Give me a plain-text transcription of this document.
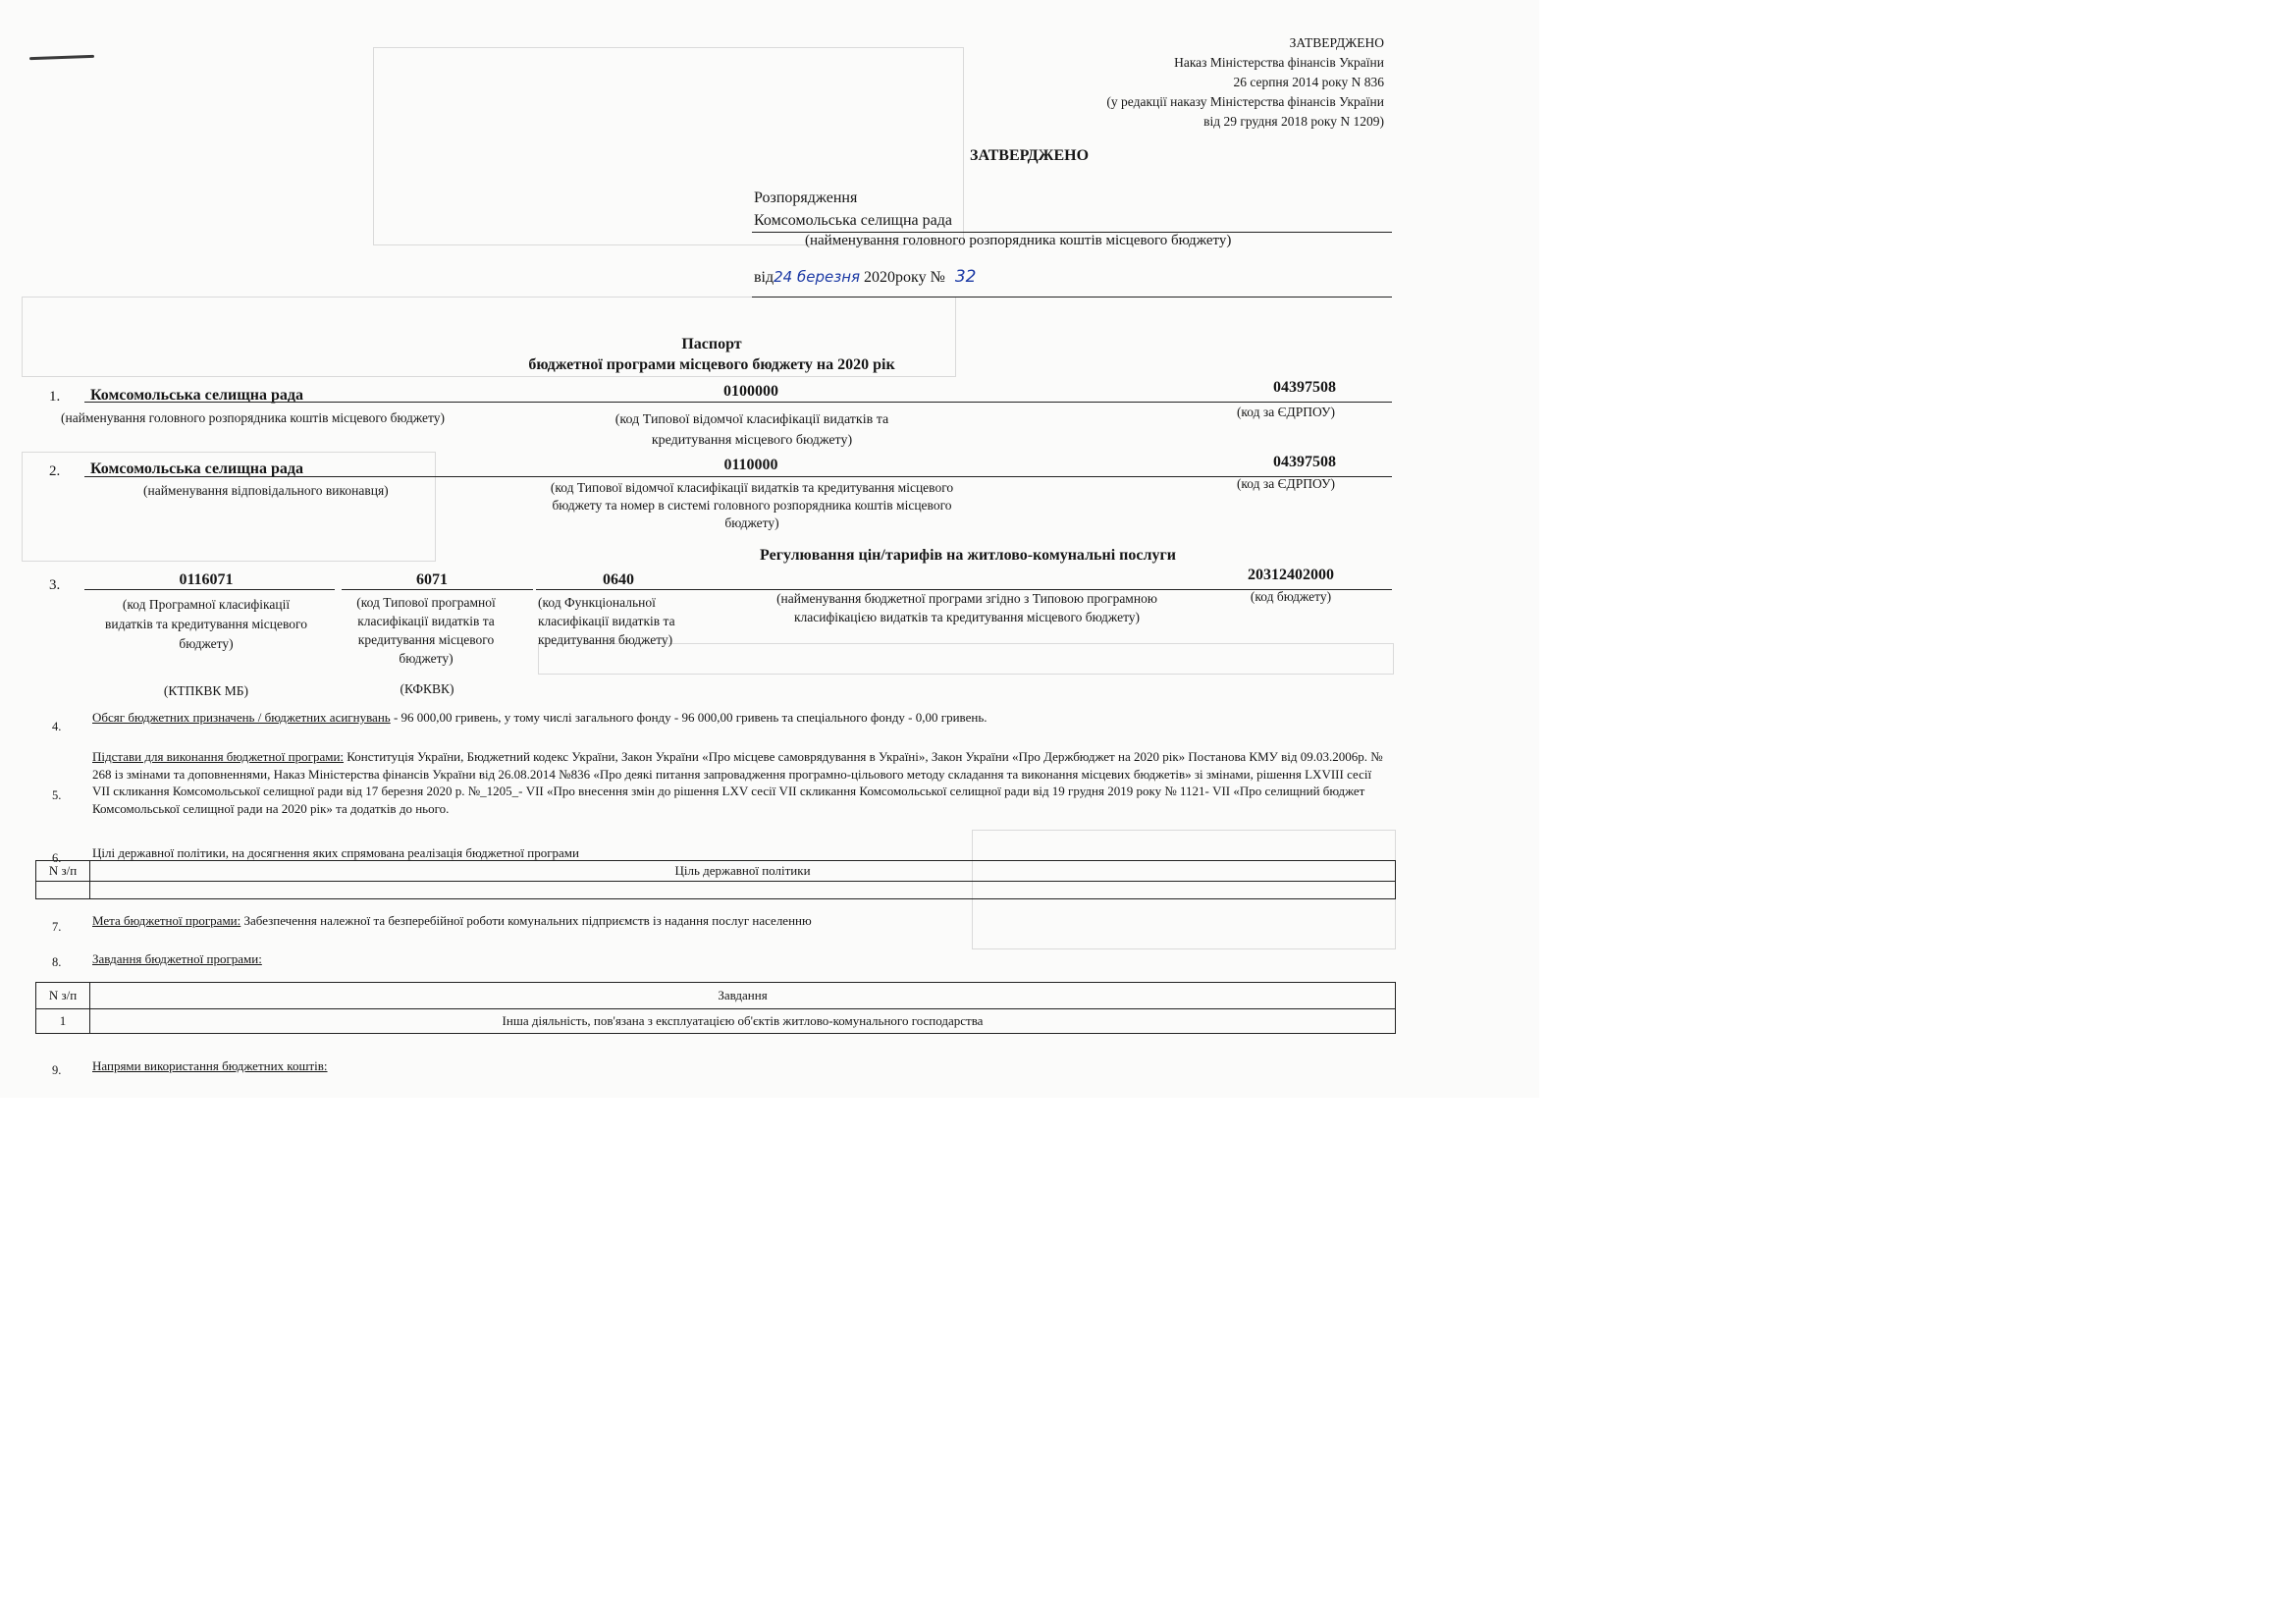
ЗАТВЕРДЖЕНО
Наказ Міністерства фінансів України
26 серпня 2014 року N 836
(у редакції наказу Міністерства фінансів України
від 29 грудня 2018 року N 1209)
ЗАТВЕРДЖЕНО
Розпорядження
Комсомольська селищна рада
(найменування головного розпорядника коштів місцевого бюджету)
від24 березня 2020року № 32
Паспорт
бюджетної програми місцевого бюджету на 2020 рік
1. Комсомольська селищна рада	0100000	04397508
(найменування головного розпорядника коштів місцевого бюджету)	(код Типової відомчої класифікації видатків та кредитування місцевого бюджету)
(код за ЄДРПОУ)
2. Комсомольська селищна рада	0110000	04397508
(найменування відповідального виконавця)	(код Типової відомчої класифікації видатків та кредитування місцевого бюджету та номер в системі головного розпорядника коштів місцевого бюджету)
(код за ЄДРПОУ)
Регулювання цін/тарифів на житлово-комунальні послуги
3.	0116071	6071	0640	20312402000
(код Програмної класифікації видатків та кредитування місцевого бюджету)
(код Типової програмної класифікації видатків та кредитування місцевого бюджету)
(код Функціональної класифікації видатків та кредитування бюджету)
(найменування бюджетної програми згідно з Типовою програмною класифікацією видатків та кредитування місцевого бюджету)
(код бюджету)
(КТПКВК МБ)	(КФКВК)
4.
Обсяг бюджетних призначень / бюджетних асигнувань - 96 000,00 гривень, у тому числі загального фонду - 96 000,00 гривень та спеціального фонду - 0,00 гривень.
5.
Підстави для виконання бюджетної програми: Конституція України, Бюджетний кодекс України, Закон України «Про місцеве самоврядування в Україні», Закон України «Про Держбюджет на 2020 рік» Постанова КМУ від 09.03.2006р. № 268 із змінами та доповненнями, Наказ Міністерства фінансів України від 26.08.2014 №836 «Про деякі питання запровадження програмно-цільового методу складання та виконання місцевих бюджетів» зі змінами, рішення LXVIII сесії VII скликання Комсомольської селищної ради від 17 березня 2020 р. №_1205_- VII «Про внесення змін до рішення LXV сесії VII скликання Комсомольської селищної ради від 19 грудня 2019 року № 1121- VII «Про селищний бюджет Комсомольської селищної ради на 2020 рік» та додатків до нього.
6. Цілі державної політики, на досягнення яких спрямована реалізація бюджетної програми
N з/п	Ціль державної політики

7. Мета бюджетної програми: Забезпечення належної та безперебійної роботи комунальних підприємств із надання послуг населенню
8. Завдання бюджетної програми:
N з/п	Завдання
1	Інша діяльність, пов'язана з експлуатацією об'єктів житлово-комунального господарства
9. Напрями використання бюджетних коштів:
